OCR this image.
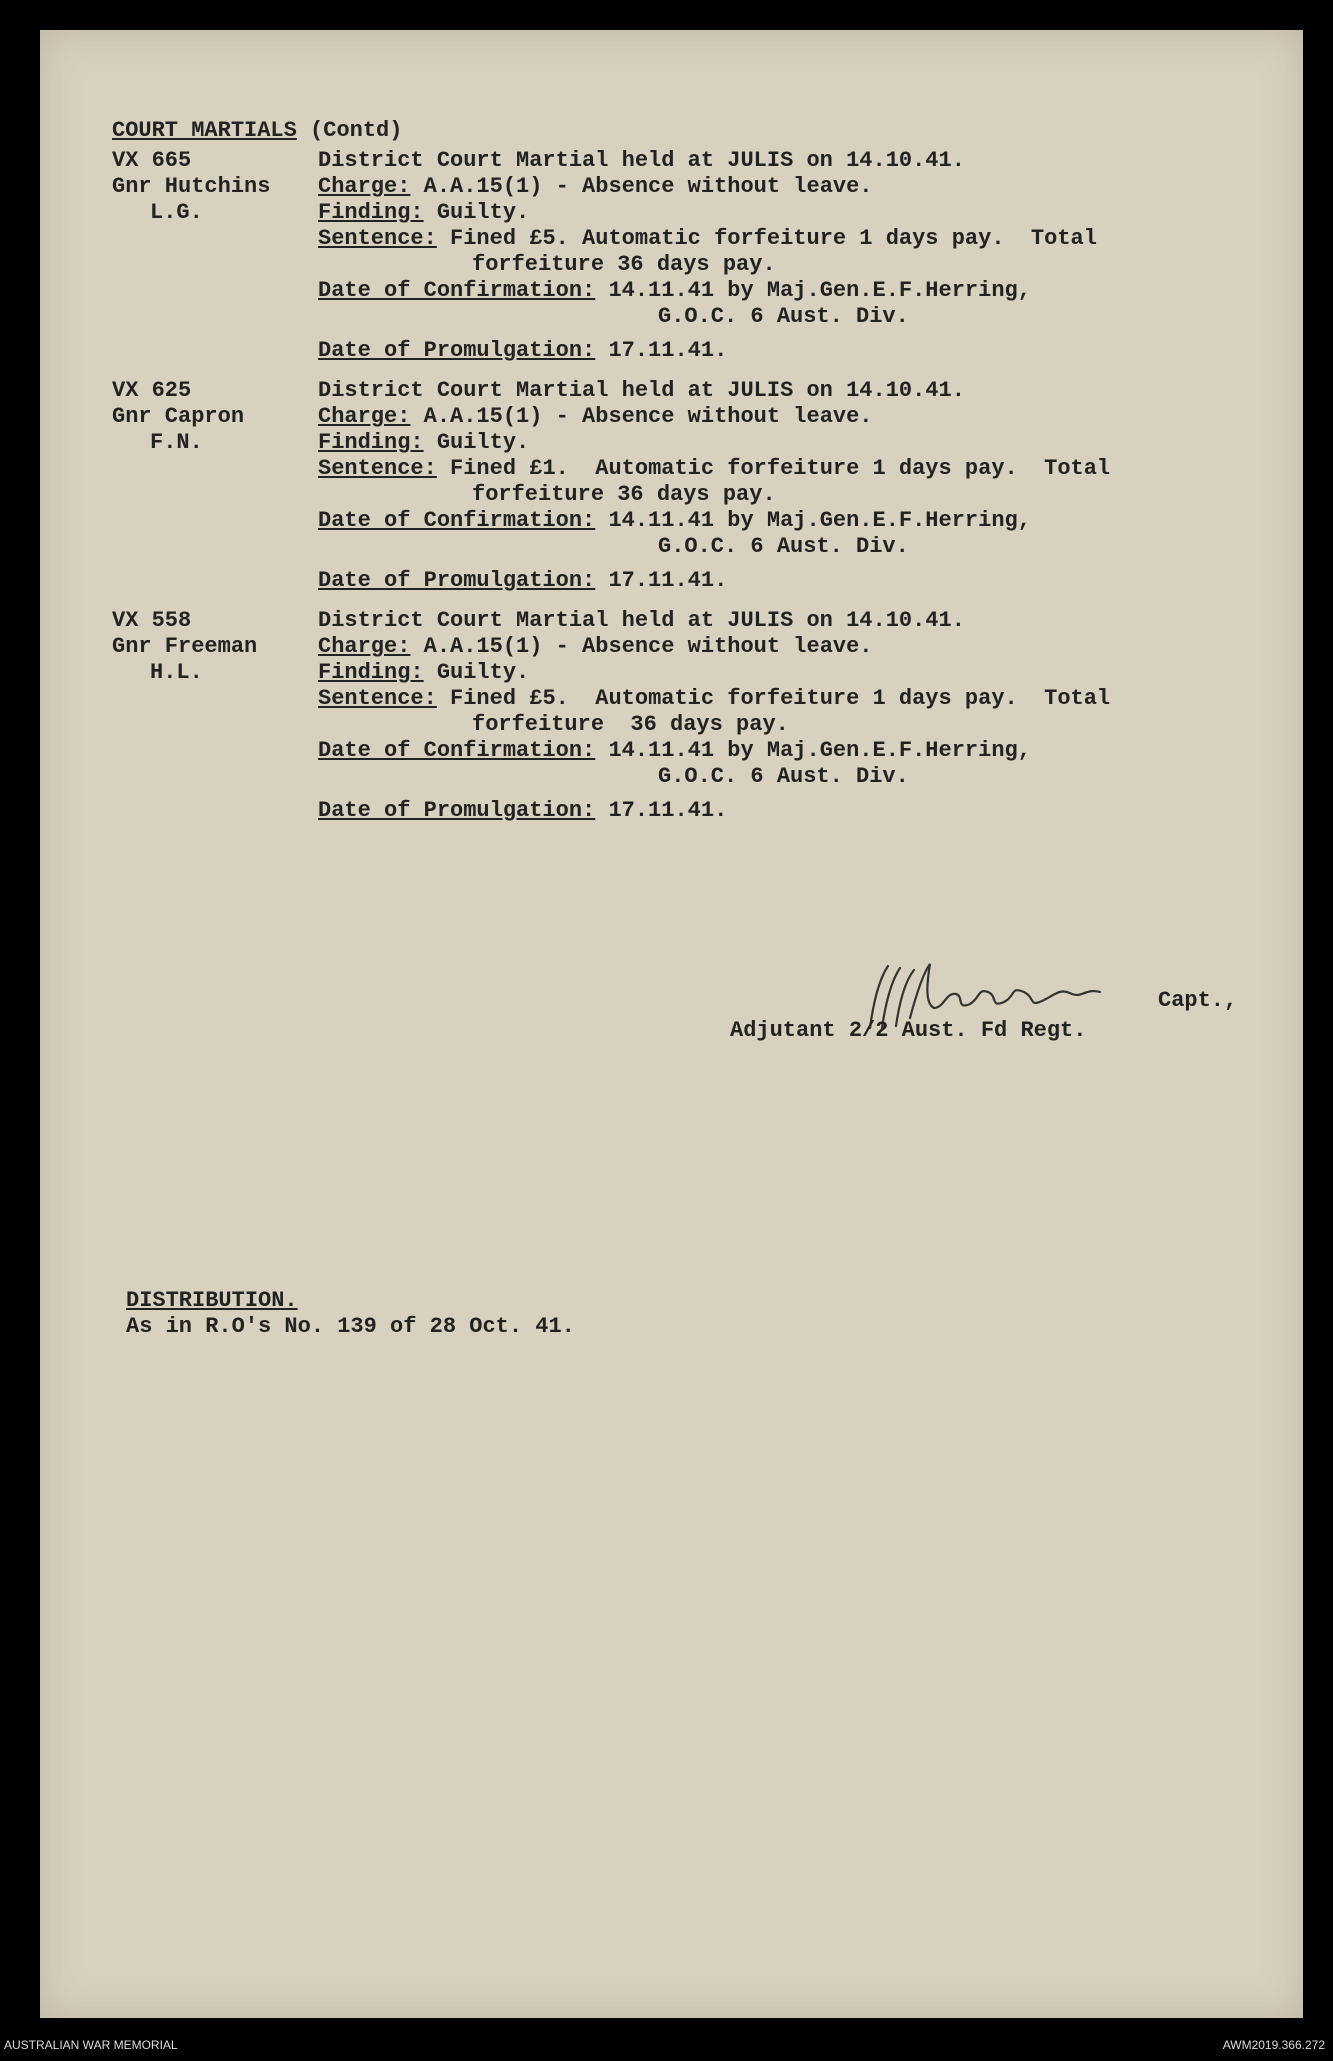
COURT MARTIALS (Contd)
VX 665
Gnr Hutchins
L.G.
District Court Martial held at JULIS on 14.10.41.
Charge: A.A.15(1) - Absence without leave.
Finding: Guilty.
Sentence: Fined £5. Automatic forfeiture 1 days pay.  Total
forfeiture 36 days pay.
Date of Confirmation: 14.11.41 by Maj.Gen.E.F.Herring,
G.O.C. 6 Aust. Div.
Date of Promulgation: 17.11.41.
VX 625
Gnr Capron
F.N.
District Court Martial held at JULIS on 14.10.41.
Charge: A.A.15(1) - Absence without leave.
Finding: Guilty.
Sentence: Fined £1.  Automatic forfeiture 1 days pay.  Total
forfeiture 36 days pay.
Date of Confirmation: 14.11.41 by Maj.Gen.E.F.Herring,
G.O.C. 6 Aust. Div.
Date of Promulgation: 17.11.41.
VX 558
Gnr Freeman
H.L.
District Court Martial held at JULIS on 14.10.41.
Charge: A.A.15(1) - Absence without leave.
Finding: Guilty.
Sentence: Fined £5.  Automatic forfeiture 1 days pay.  Total
forfeiture  36 days pay.
Date of Confirmation: 14.11.41 by Maj.Gen.E.F.Herring,
G.O.C. 6 Aust. Div.
Date of Promulgation: 17.11.41.
Capt.,
Adjutant 2/2 Aust. Fd Regt.
DISTRIBUTION.
As in R.O's No. 139 of 28 Oct. 41.
AUSTRALIAN WAR MEMORIAL	AWM2019.366.272
